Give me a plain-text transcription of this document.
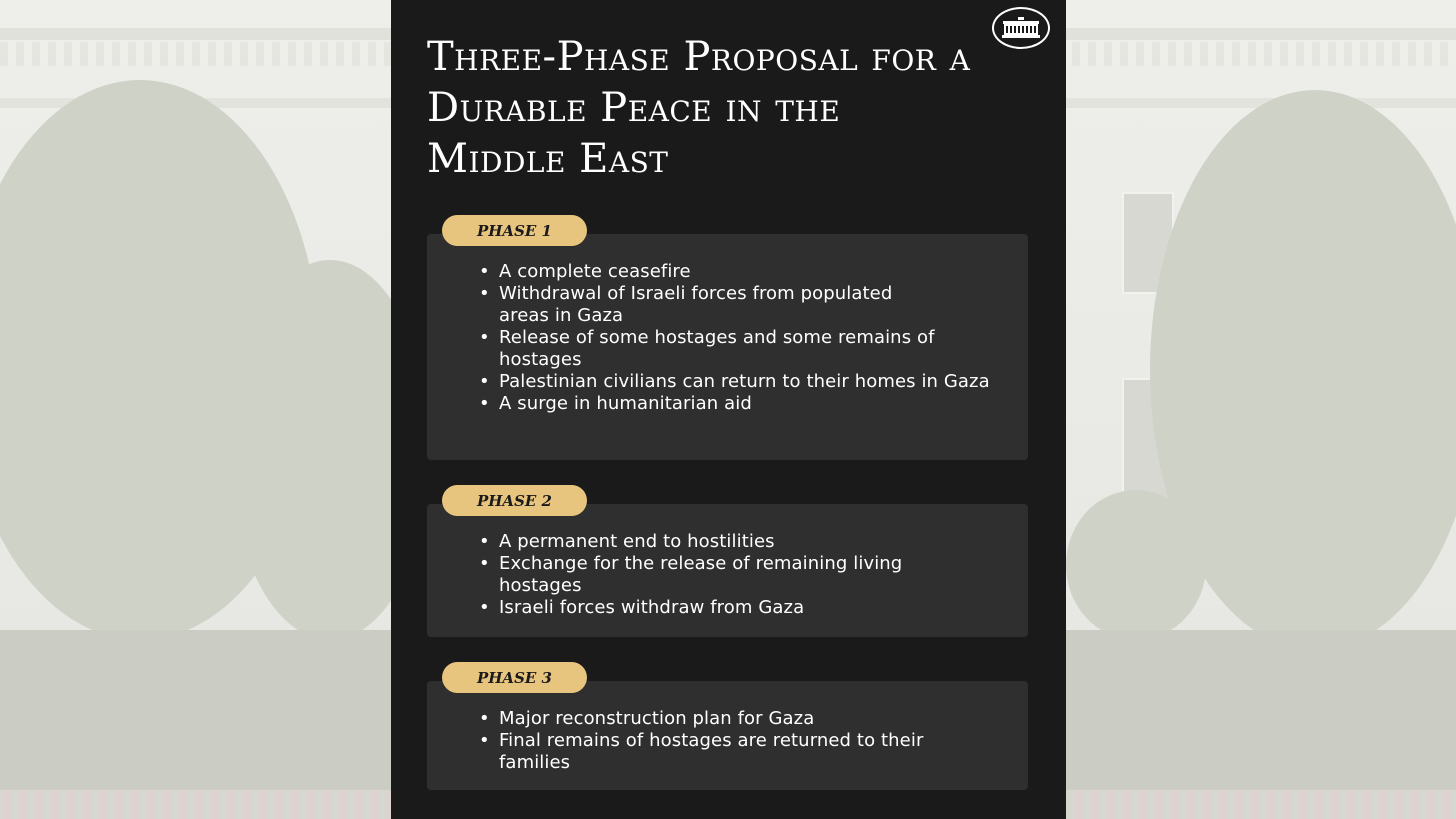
Three-Phase Proposal for a Durable Peace in the Middle East
• A complete ceasefire
• Withdrawal of Israeli forces from populated areas in Gaza
• Release of some hostages and some remains of hostages
• Palestinian civilians can return to their homes in Gaza
• A surge in humanitarian aid
PHASE 1
• A permanent end to hostilities
• Exchange for the release of remaining living hostages
• Israeli forces withdraw from Gaza
PHASE 2
• Major reconstruction plan for Gaza
• Final remains of hostages are returned to their families
PHASE 3
